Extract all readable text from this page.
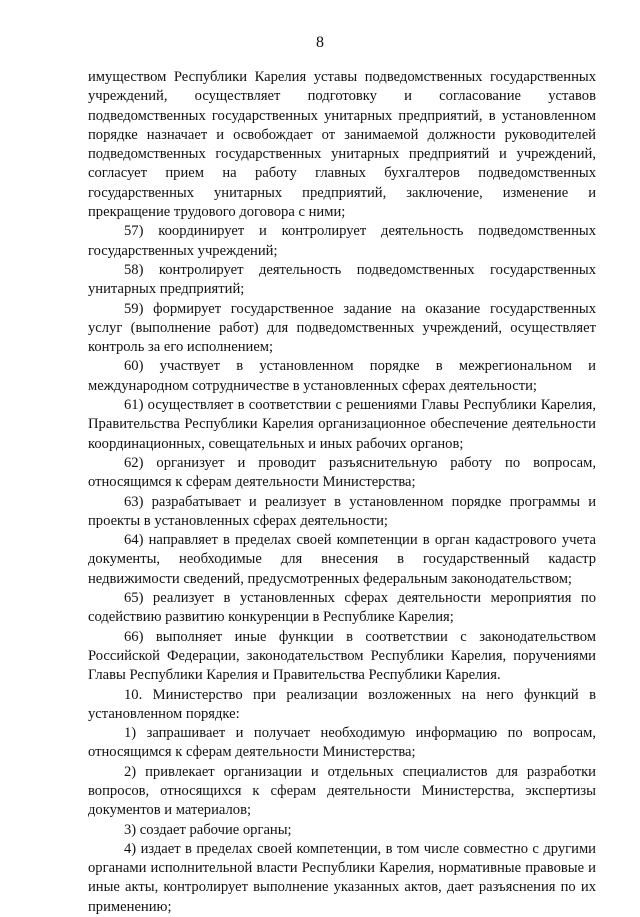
8

имуществом Республики Карелия уставы подведомственных государственных учреждений, осуществляет подготовку и согласование уставов подведомственных государственных унитарных предприятий, в установленном порядке назначает и освобождает от занимаемой должности руководителей подведомственных государственных унитарных предприятий и учреждений, согласует прием на работу главных бухгалтеров подведомственных государственных унитарных предприятий, заключение, изменение и прекращение трудового договора с ними;

57) координирует и контролирует деятельность подведомственных государственных учреждений;

58) контролирует деятельность подведомственных государственных унитарных предприятий;

59) формирует государственное задание на оказание государственных услуг (выполнение работ) для подведомственных учреждений, осуществляет контроль за его исполнением;

60) участвует в установленном порядке в межрегиональном и международном сотрудничестве в установленных сферах деятельности;

61) осуществляет в соответствии с решениями Главы Республики Карелия, Правительства Республики Карелия организационное обеспечение деятельности координационных, совещательных и иных рабочих органов;

62) организует и проводит разъяснительную работу по вопросам, относящимся к сферам деятельности Министерства;

63) разрабатывает и реализует в установленном порядке программы и проекты в установленных сферах деятельности;

64) направляет в пределах своей компетенции в орган кадастрового учета документы, необходимые для внесения в государственный кадастр недвижимости сведений, предусмотренных федеральным законодательством;

65) реализует в установленных сферах деятельности мероприятия по содействию развитию конкуренции в Республике Карелия;

66) выполняет иные функции в соответствии с законодательством Российской Федерации, законодательством Республики Карелия, поручениями Главы Республики Карелия и Правительства Республики Карелия.

10. Министерство при реализации возложенных на него функций в установленном порядке:

1) запрашивает и получает необходимую информацию по вопросам, относящимся к сферам деятельности Министерства;

2) привлекает организации и отдельных специалистов для разработки вопросов, относящихся к сферам деятельности Министерства, экспертизы документов и материалов;

3) создает рабочие органы;

4) издает в пределах своей компетенции, в том числе совместно с другими органами исполнительной власти Республики Карелия, нормативные правовые и иные акты, контролирует выполнение указанных актов, дает разъяснения по их применению;
